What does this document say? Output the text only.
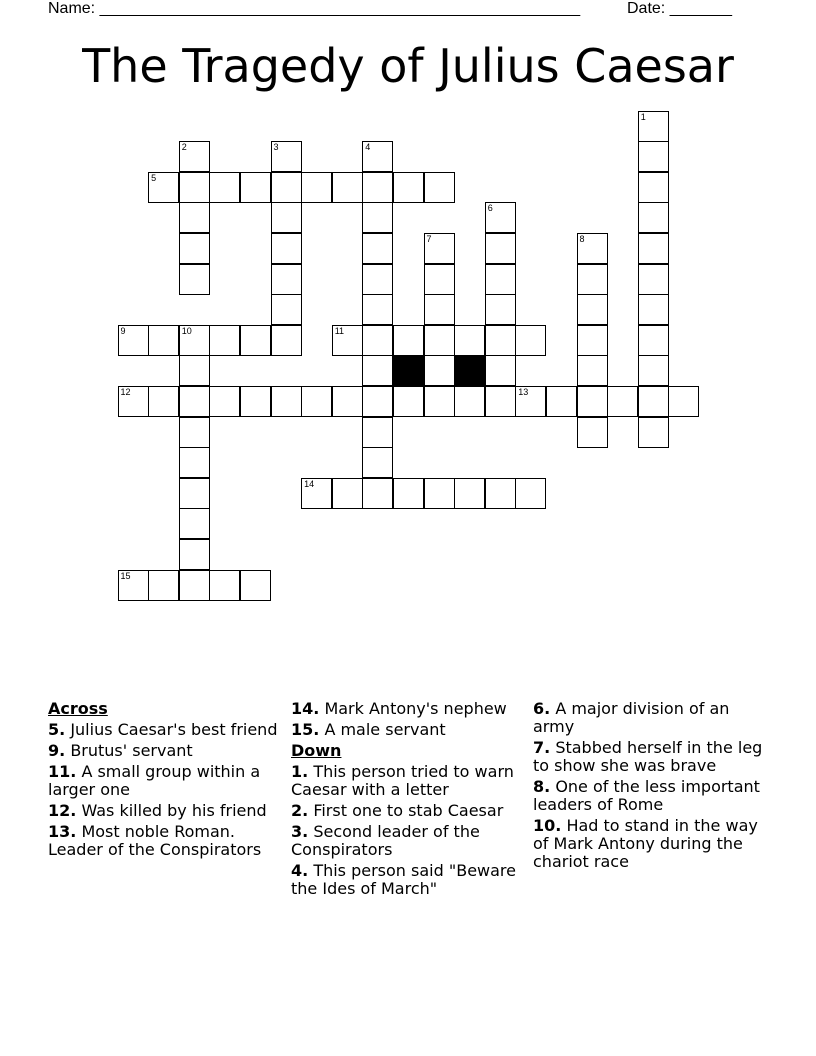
Name: ______________________________________________________

	Date: _______

The Tragedy of Julius Caesar
1
2	3	4
5
6
7	8
9	10	11
12	13
14
15
Across
5. Julius Caesar's best friend
9. Brutus' servant
11. A small group within a larger one
12. Was killed by his friend
13. Most noble Roman. Leader of the Conspirators
14. Mark Antony's nephew
15. A male servant
Down
1. This person tried to warn Caesar with a letter
2. First one to stab Caesar
3. Second leader of the Conspirators
4. This person said "Beware the Ides of March"
6. A major division of an army
7. Stabbed herself in the leg to show she was brave
8. One of the less important leaders of Rome
10. Had to stand in the way of Mark Antony during the chariot race
